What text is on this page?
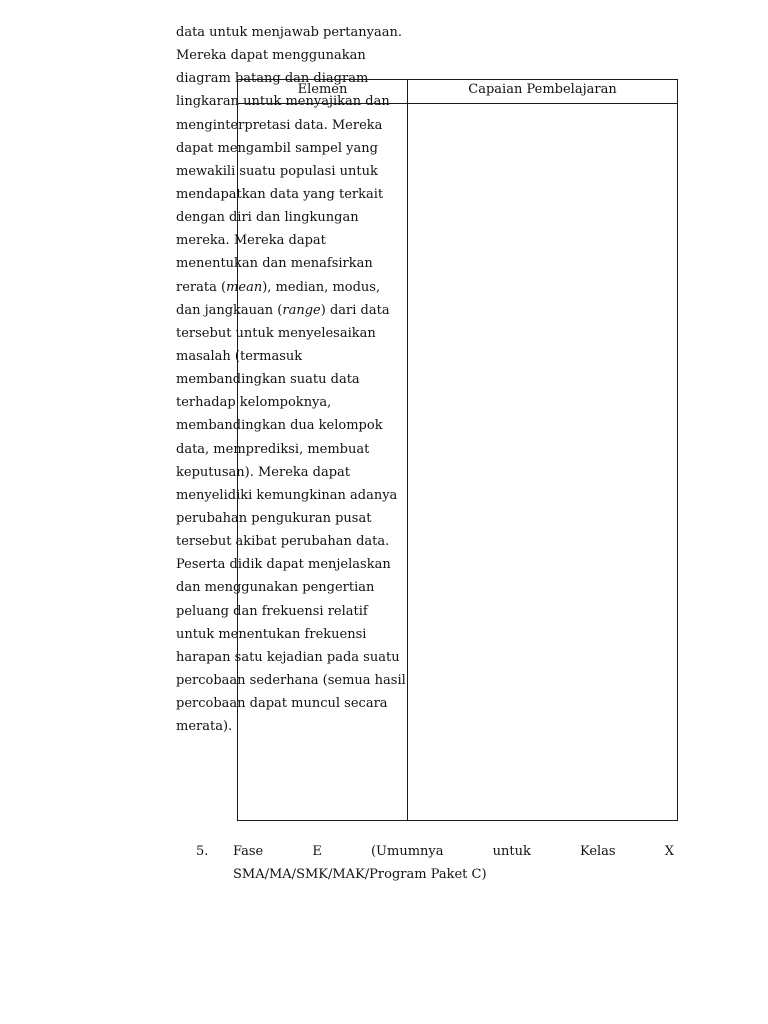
Elemen	Capaian Pembelajaran
data untuk menjawab pertanyaan.
Mereka dapat menggunakan
diagram batang dan diagram
lingkaran untuk menyajikan dan
menginterpretasi data. Mereka
dapat mengambil sampel yang
mewakili suatu populasi untuk
mendapatkan data yang terkait
dengan diri dan lingkungan
mereka. Mereka dapat
menentukan dan menafsirkan
rerata (mean), median, modus,
dan jangkauan (range) dari data
tersebut untuk menyelesaikan
masalah (termasuk
membandingkan suatu data
terhadap kelompoknya,
membandingkan dua kelompok
data, memprediksi, membuat
keputusan). Mereka dapat
menyelidiki kemungkinan adanya
perubahan pengukuran pusat
tersebut akibat perubahan data.
Peserta didik dapat menjelaskan
dan menggunakan pengertian
peluang dan frekuensi relatif
untuk menentukan frekuensi
harapan satu kejadian pada suatu
percobaan sederhana (semua hasil
percobaan dapat muncul secara
merata).
5. Fase	E	(Umumnya	untuk	Kelas	X
SMA/MA/SMK/MAK/Program Paket C)
